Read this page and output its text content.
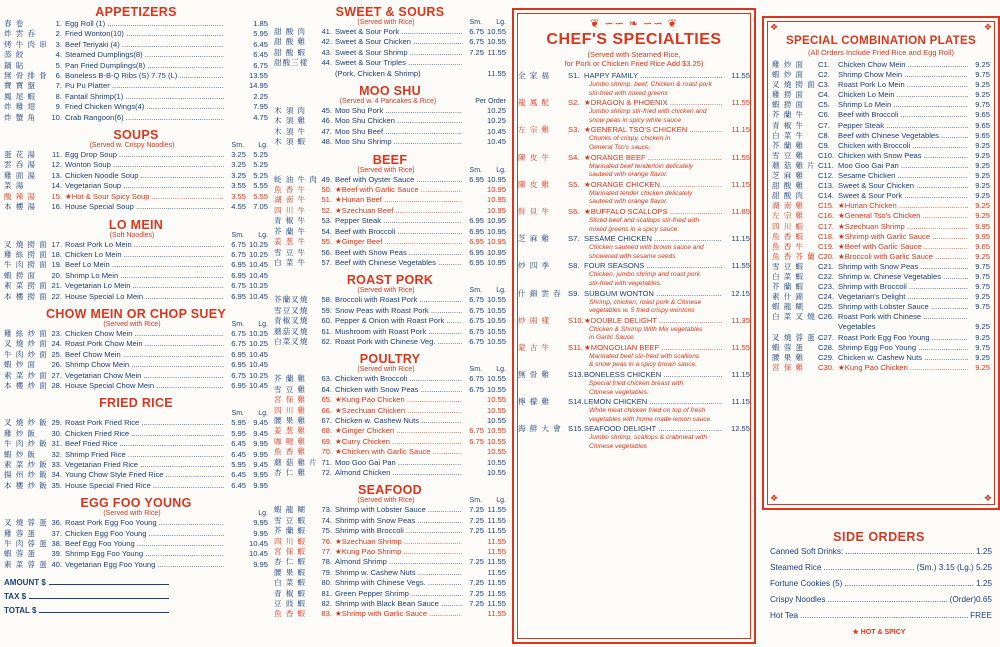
APPETIZERS
春 卷	1. Egg Roll (1) .....	1.85
炸 雲 呑	2. Fried Wonton(10) .....	5.95
烤 牛 肉 串	3. Beef Teriyaki (4) .....	6.45
蒸 餃	4. Steamed Dumplings(8) .....	6.45
鍋 貼	5. Pan Fried Dumplings(8) .....	6.75
無 骨 排 骨	6. Boneless B-B-Q Ribs (S) 7.75 (L) .....	13.55
寶 寶 盤	7. Pu Pu Platter .....	14.95
鳳 尾 蝦	8. Fantail Shrimp(1) .....	2.25
炸 雞 翅	9. Fried Chicken Wings(4) .....	7.95
炸 蟹 角	10. Crab Rangoon(6) .....	4.75
SOUPS
(Served w. Crispy Noodles)	Sm.	Lg.
蛋 花 湯	11. Egg Drop Soup .....	3.25 5.25
雲 呑 湯	12. Wonton Soup .....	3.25 5.25
雞 面 湯	13. Chicken Noodle Soup .....	3.25 5.25
菜 湯	14. Vegetarian Soup .....	3.55 5.55
酸 辣 湯	15. ★Hot & Sour Spicy Soup .....	3.55 5.55
本 樓 湯	16. House Special Soup .....	4.55 7.05
LO MEIN
(Soft Noodles)	Sm.	Lg.
叉 燒 撈 面 17. Roast Pork Lo Mein .....	6.75 10.25
雞 絲 撈 面 18. Chicken Lo Mein .....	6.75 10.25
牛 肉 撈 面 19. Beef Lo Mein .....	6.95 10.45
蝦 撈 面	20. Shrimp Lo Mein .....	6.95 10.45
素 菜 撈 面 21. Vegetarian Lo Mein .....	6.75 10.25
本 樓 撈 面 22. House Special Lo Mein .....	6.95 10.45
CHOW MEIN OR CHOP SUEY
(Served with Rice)	Sm.	Lg.
雞 絲 炒 面 23. Chicken Chow Mein .....	6.75 10.25
叉 燒 炒 面 24. Roast Pork Chow Mein .....	6.75 10.25
牛 肉 炒 面 25. Beef Chow Mein .....	6.95 10.45
蝦 炒 面	26. Shrimp Chow Mein .....	6.95 10.45
素 菜 炒 面 27. Vegetarian Chow Mein .....	6.75 10.25
本 樓 炒 面 28. House Special Chow Mein .....	6.95 10.45
FRIED RICE
Sm.	Lg.
叉 燒 炒 飯 29. Roast Pork Fried Rice .....	5.95 9.45
雞 炒 飯	30. Chicken Fried Rice .....	5.95 9.45
牛 肉 炒 飯 31. Beef Fried Rice .....	6.45 9.95
蝦 炒 飯	32. Shrimp Fried Rice .....	6.45 9.95
素 菜 炒 飯 33. Vegetarian Fried Rice .....	5.95 9.45
揚 州 炒 飯 34. Young Chow Style Fried Rice .....	6.45 9.95
本 樓 炒 飯 35. House Special Fried Rice .....	6.45 9.95
EGG FOO YOUNG
(Served with Rice)	Lg.
叉 燒 蓉 蛋 36. Roast Pork Egg Foo Young .....	9.95
雞 蓉 蛋	37. Chicken Egg Foo Young .....	9.95
牛 肉 蓉 蛋 38. Beef Egg Foo Young .....	10.45
蝦 蓉 蛋	39. Shrimp Egg Foo Young .....	10.45
素 菜 蓉 蛋 40. Vegetarian Egg Foo Young .....	9.95
AMOUNT $
TAX $
TOTAL $
SWEET & SOURS
(Served with Rice)	Sm.	Lg.
甜 酸 肉	41. Sweet & Sour Pork .....	6.75 10.55
甜 酸 雞	42. Sweet & Sour Chicken .....	6.75 10.55
甜 酸 蝦	43. Sweet & Sour Shrimp .....	7.25 11.55
甜酸三樣	44. Sweet & Sour Triples .....
(Pork, Chicken & Shrimp)	11.55
MOO SHU
(Served w. 4 Pancakes & Rice)	Per Order
木 須 肉	45. Moo Shu Pork .....	10.25
木 須 雞	46. Moo Shu Chicken .....	10.25
木 須 牛	47. Moo Shu Beef .....	10.45
木 須 蝦	48. Moo Shu Shrimp .....	10.45
BEEF
(Served with Rice)	Sm.	Lg.
蚝 油 牛 肉 49. Beef with Oyster Sauce .....	6.95 10.95
魚 香 牛	50. ★Beef with Garlic Sauce .....	10.95
湖 南 牛	51. ★Hunan Beef .....	10.95
四 川 牛	52. ★Szechuan Beef .....	10.95
青 椒 牛	53. Pepper Steak .....	6.95 10.95
芥 蘭 牛	54. Beef with Broccoli .....	6.95 10.95
姜 葱 牛	55. ★Ginger Beef .....	6.95 10.95
雪 豆 牛	56. Beef with Snow Peas .....	6.95 10.95
白 菜 牛	57. Beef with Chinese Vegetables .....	6.95 10.95
ROAST PORK
(Served with Rice)	Sm.	Lg.
芥蘭叉燒	58. Broccoli with Roast Pork .....	6.75 10.55
雪豆叉燒	59. Snow Peas with Roast Pork .....	6.75 10.55
青椒叉燒	60. Pepper & Onion with Roast Pork .....	6.75 10.55
蘑菇叉燒	61. Mushroom with Roast Pork .....	6.75 10.55
白菜叉燒	62. Roast Pork with Chinese Veg. .....	6.75 10.55
POULTRY
(Served with Rice)	Sm.	Lg.
芥 蘭 雞	63. Chicken with Broccoli .....	6.75 10.55
雪 豆 雞	64. Chicken with Snow Peas .....	6.75 10.55
宮 保 雞	65. ★Kung Pao Chicken .....	10.55
四 川 雞	66. ★Szechuan Chicken .....	10.55
腰 果 雞	67. Chicken w. Cashew Nuts .....	10.55
姜 葱 雞	68. ★Ginger Chicken .....	6.75 10.55
咖 喱 雞	69. ★Curry Chicken .....	6.75 10.55
魚 香 雞	70. ★Chicken with Garlic Sauce .....	10.55
蘑 菇 雞 片 71. Moo Goo Gai Pan .....	10.55
杏 仁 雞	72. Almond Chicken .....	10.55
SEAFOOD
(Served with Rice)	Sm.	Lg.
蝦 龍 糊	73. Shrimp with Lobster Sauce .....	7.25 11.55
雪 豆 蝦	74. Shrimp with Snow Peas .....	7.25 11.55
芥 蘭 蝦	75. Shrimp with Broccoli .....	7.25 11.55
四 川 蝦	76. ★Szechuan Shrimp .....	11.55
宮 保 蝦	77. ★Kung Pao Shrimp .....	11.55
杏 仁 蝦	78. Almond Shrimp .....	7.25 11.55
腰 果 蝦	79. Shrimp w. Cashew Nuts .....	11.55
白 菜 蝦	80. Shrimp with Chinese Vegs. .....	7.25 11.55
青 椒 蝦	81. Green Pepper Shrimp .....	7.25 11.55
豆 豉 蝦	82. Shrimp with Black Bean Sauce .....	7.25 11.55
魚 香 蝦	83. ★Shrimp with Garlic Sauce .....	11.55
❦ ∽∽ ❧ ∽∽ ❦
CHEF'S SPECIALTIES
(Served with Steamed Rice,
for Pork or Chicken Fried Rice Add $3.25)
全 家 福	S1. HAPPY FAMILY .....	11.55
Jumbo shrimp, beef, Chicken & roast pork
stir-fried with mixed greens
龍 鳳 配	S2. ★DRAGON & PHOENIX .....	11.55
Jumbo shrimp stir-fried with chicken and
snow peas in spicy white sauce
左 宗 雞	S3. ★GENERAL TSO'S CHICKEN .....	11.15
Chunks of crispy, chicken in
General Tso's sauce.
陳 皮 牛	S4. ★ORANGE BEEF .....	11.55
Marinated beef tenderloin delicately
sauteed with orange flavor.
陳 皮 雞	S5. ★ORANGE CHICKEN .....	11.15
Marinated tender chicken delicately
sauteed with orange flavor.
幹 貝 牛	S6. ★BUFFALO SCALLOPS .....	11.85
Sliced beef and scallops stir-fried with
mixed greens in a spicy sauce.
芝 麻 雞	S7. SESAME CHICKEN .....	11.15
Chicken sauteed with brown sauce and
showered with sesame seeds
炒 四 季	S8. FOUR SEASONS .....	11.55
Chicken, jumbo shrimp and roast pork
stir-fried with vegetables.
什 錦 雲 吞 S9. SUBGUM WONTON .....	12.15
Shrimp, chicken, roast pork & Chinese
vegetables w. 5 fried crispy wontons
炒 兩 樣	S10. ★DOUBLE DELIGHT .....	11.35
Chicken & Shrimp With Mix vegetables
in Garlic Sauce
蒙 古 牛	S11. ★MONGOLIAN BEEF .....	11.55
Marinated beef stir-fried with scallions
& snow peas in a spicy brown sauce.
無 骨 雞	S13. BONELESS CHICKEN .....	11.15
Special fried chicken breast with
Chinese vegetables.
檸 檬 雞	S14. LEMON CHICKEN .....	11.15
White meat chicken fried on top of fresh
vegetables with home made lemon sauce.
海 鮮 大 會 S15. SEAFOOD DELIGHT .....	12.55
Jumbo shrimp, scallops & crabmeat with
Chinese vegetables
❖	❖
❖	❖
SPECIAL COMBINATION PLATES
(All Orders Include Fried Rice and Egg Roll)
雞 炒 面	C1.	Chicken Chow Mein .....	9.25
蝦 炒 面	C2.	Shrimp Chow Mein .....	9.75
叉 燒 撈 面 C3.	Roast Pork Lo Mein .....	9.25
雞 撈 面	C4.	Chicken Lo Mein .....	9.25
蝦 撈 面	C5.	Shrimp Lo Mein .....	9.75
芥 蘭 牛	C6.	Beef with Broccoli .....	9.65
青 椒 牛	C7.	Pepper Steak .....	9.65
白 菜 牛	C8.	Beef with Chinese Vegetables .....	9.65
芥 蘭 雞	C9.	Chicken with Broccoli .....	9.25
雪 豆 雞	C10. Chicken with Snow Peas .....	9.25
蘑 菇 雞 片 C11. Moo Goo Gai Pan .....	9.25
芝 麻 雞	C12. Sesame Chicken .....	9.25
甜 酸 雞	C13. Sweet & Sour Chicken .....	9.25
甜 酸 肉	C14. Sweet & Sour Pork .....	9.25
湖 南 雞	C15. ★Hunan Chicken .....	9.25
左 宗 雞	C16. ★General Tso's Chicken .....	9.25
四 川 蝦	C17. ★Szechuan Shrimp .....	9.95
魚 香 蝦	C18. ★Shrimp with Garlic Sauce .....	9.95
魚 香 牛	C19. ★Beef with Garlic Sauce .....	9.65
魚 香 芥 蘭 C20. ★Broccoli with Garlic Sauce .....	9.25
雪 豆 蝦	C21. Shrimp with Snow Peas .....	9.75
白 菜 蝦	C22. Shrimp w. Chinese Vegetables .....	9.75
芥 蘭 蝦	C23. Shrimp with Broccoli .....	9.75
素 什 錦	C24. Vegetarian's Delight .....	9.25
蝦 龍 糊	C25. Shrimp with Lobster Sauce .....	9.75
白 菜 叉 燒 C26. Roast Pork with Chinese .....
Vegetables	9.25
叉 燒 蓉 蛋 C27. Roast Pork Egg Foo Young .....	9.25
蝦 蓉 蛋	C28. Shrimp Egg Foo Young .....	9.75
腰 果 雞	C29. Chicken w. Cashew Nuts .....	9.25
宮 保 雞	C30. ★Kung Pao Chicken .....	9.25
SIDE ORDERS
Canned Soft Drinks: .....	1.25
Steamed Rice .....	(Sm.) 3.15 (Lg.) 5.25
Fortune Cookies (5) .....	1.25
Crispy Noodles .....	(Order)0.65
Hot Tea .....	FREE
★ HOT & SPICY
